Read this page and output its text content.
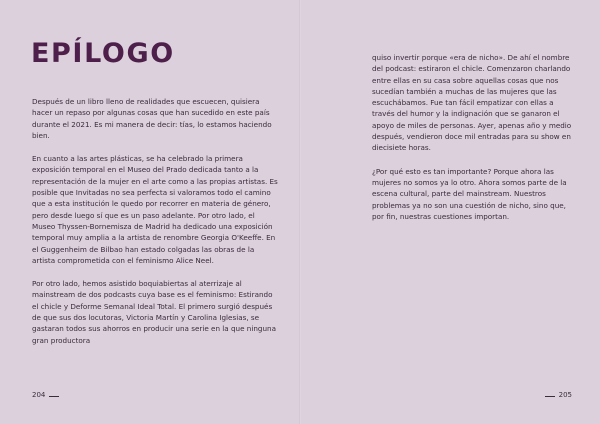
EPÍLOGO

Después de un libro lleno de realidades que escuecen, quisiera hacer un repaso por algunas cosas que han sucedido en este país durante el 2021. Es mi manera de decir: tías, lo estamos haciendo bien.

En cuanto a las artes plásticas, se ha celebrado la primera exposición temporal en el Museo del Prado dedicada tanto a la representación de la mujer en el arte como a las propias artistas. Es posible que Invitadas no sea perfecta si valoramos todo el camino que a esta institución le quedo por recorrer en materia de género, pero desde luego sí que es un paso adelante. Por otro lado, el Museo Thyssen-Bornemisza de Madrid ha dedicado una exposición temporal muy amplia a la artista de renombre Georgia O'Keeffe. En el Guggenheim de Bilbao han estado colgadas las obras de la artista comprometida con el feminismo Alice Neel.

Por otro lado, hemos asistido boquiabiertas al aterrizaje al mainstream de dos podcasts cuya base es el feminismo: Estirando el chicle y Deforme Semanal Ideal Total. El primero surgió después de que sus dos locutoras, Victoria Martín y Carolina Iglesias, se gastaran todos sus ahorros en producir una serie en la que ninguna gran productora

204

quiso invertir porque «era de nicho». De ahí el nombre del podcast: estiraron el chicle. Comenzaron charlando entre ellas en su casa sobre aquellas cosas que nos sucedían también a muchas de las mujeres que las escuchábamos. Fue tan fácil empatizar con ellas a través del humor y la indignación que se ganaron el apoyo de miles de personas. Ayer, apenas año y medio después, vendieron doce mil entradas para su show en diecisiete horas.

¿Por qué esto es tan importante? Porque ahora las mujeres no somos ya lo otro. Ahora somos parte de la escena cultural, parte del mainstream. Nuestros problemas ya no son una cuestión de nicho, sino que, por fin, nuestras cuestiones importan.

205
